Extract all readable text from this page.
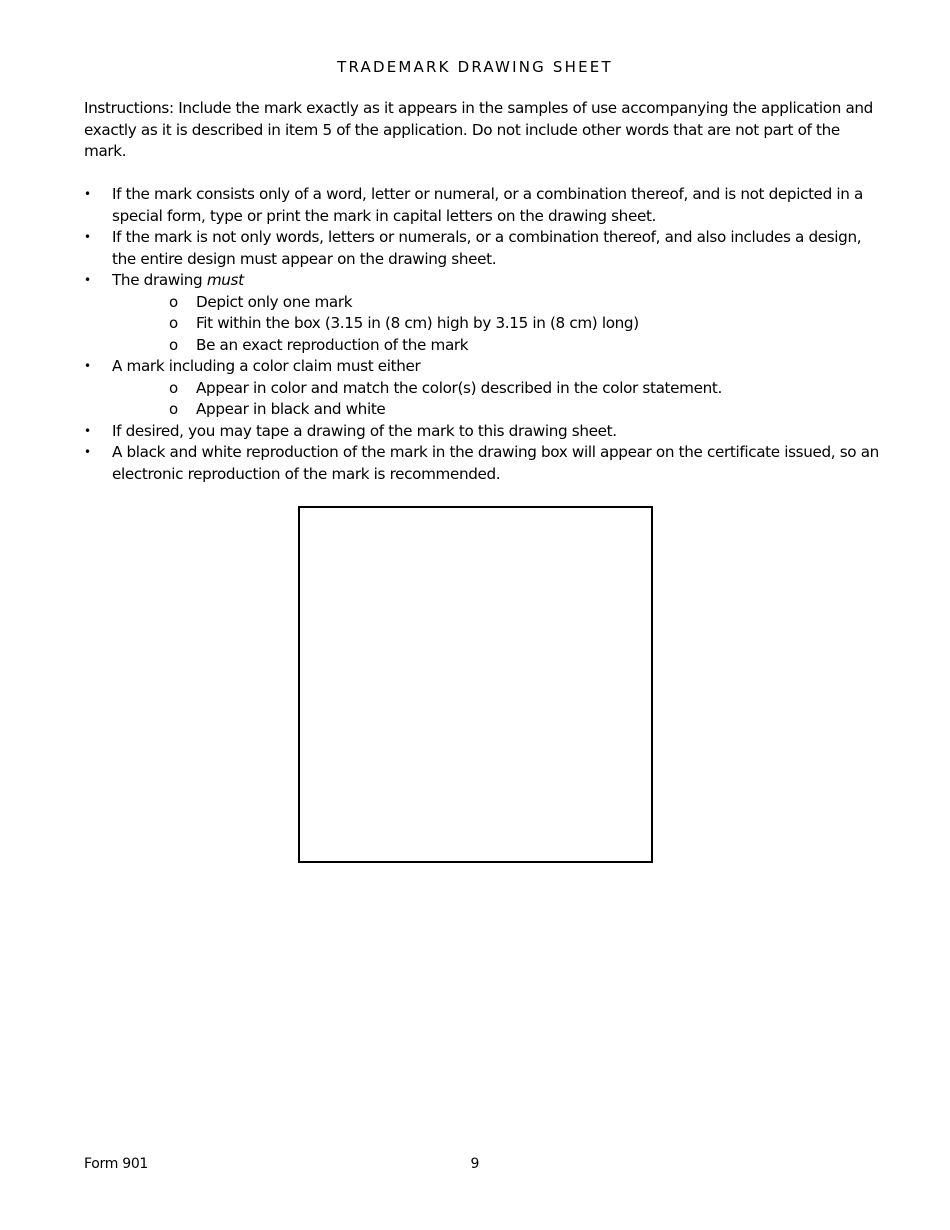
TRADEMARK DRAWING SHEET

Instructions: Include the mark exactly as it appears in the samples of use accompanying the application and exactly as it is described in item 5 of the application. Do not include other words that are not part of the mark.

•	If the mark consists only of a word, letter or numeral, or a combination thereof, and is not depicted in a special form, type or print the mark in capital letters on the drawing sheet.
•	If the mark is not only words, letters or numerals, or a combination thereof, and also includes a design, the entire design must appear on the drawing sheet.
•	The drawing must
o Depict only one mark
o Fit within the box (3.15 in (8 cm) high by 3.15 in (8 cm) long)
o Be an exact reproduction of the mark
•	A mark including a color claim must either
o Appear in color and match the color(s) described in the color statement.
o Appear in black and white
•	If desired, you may tape a drawing of the mark to this drawing sheet.
•	A black and white reproduction of the mark in the drawing box will appear on the certificate issued, so an electronic reproduction of the mark is recommended.
Form 901	9
